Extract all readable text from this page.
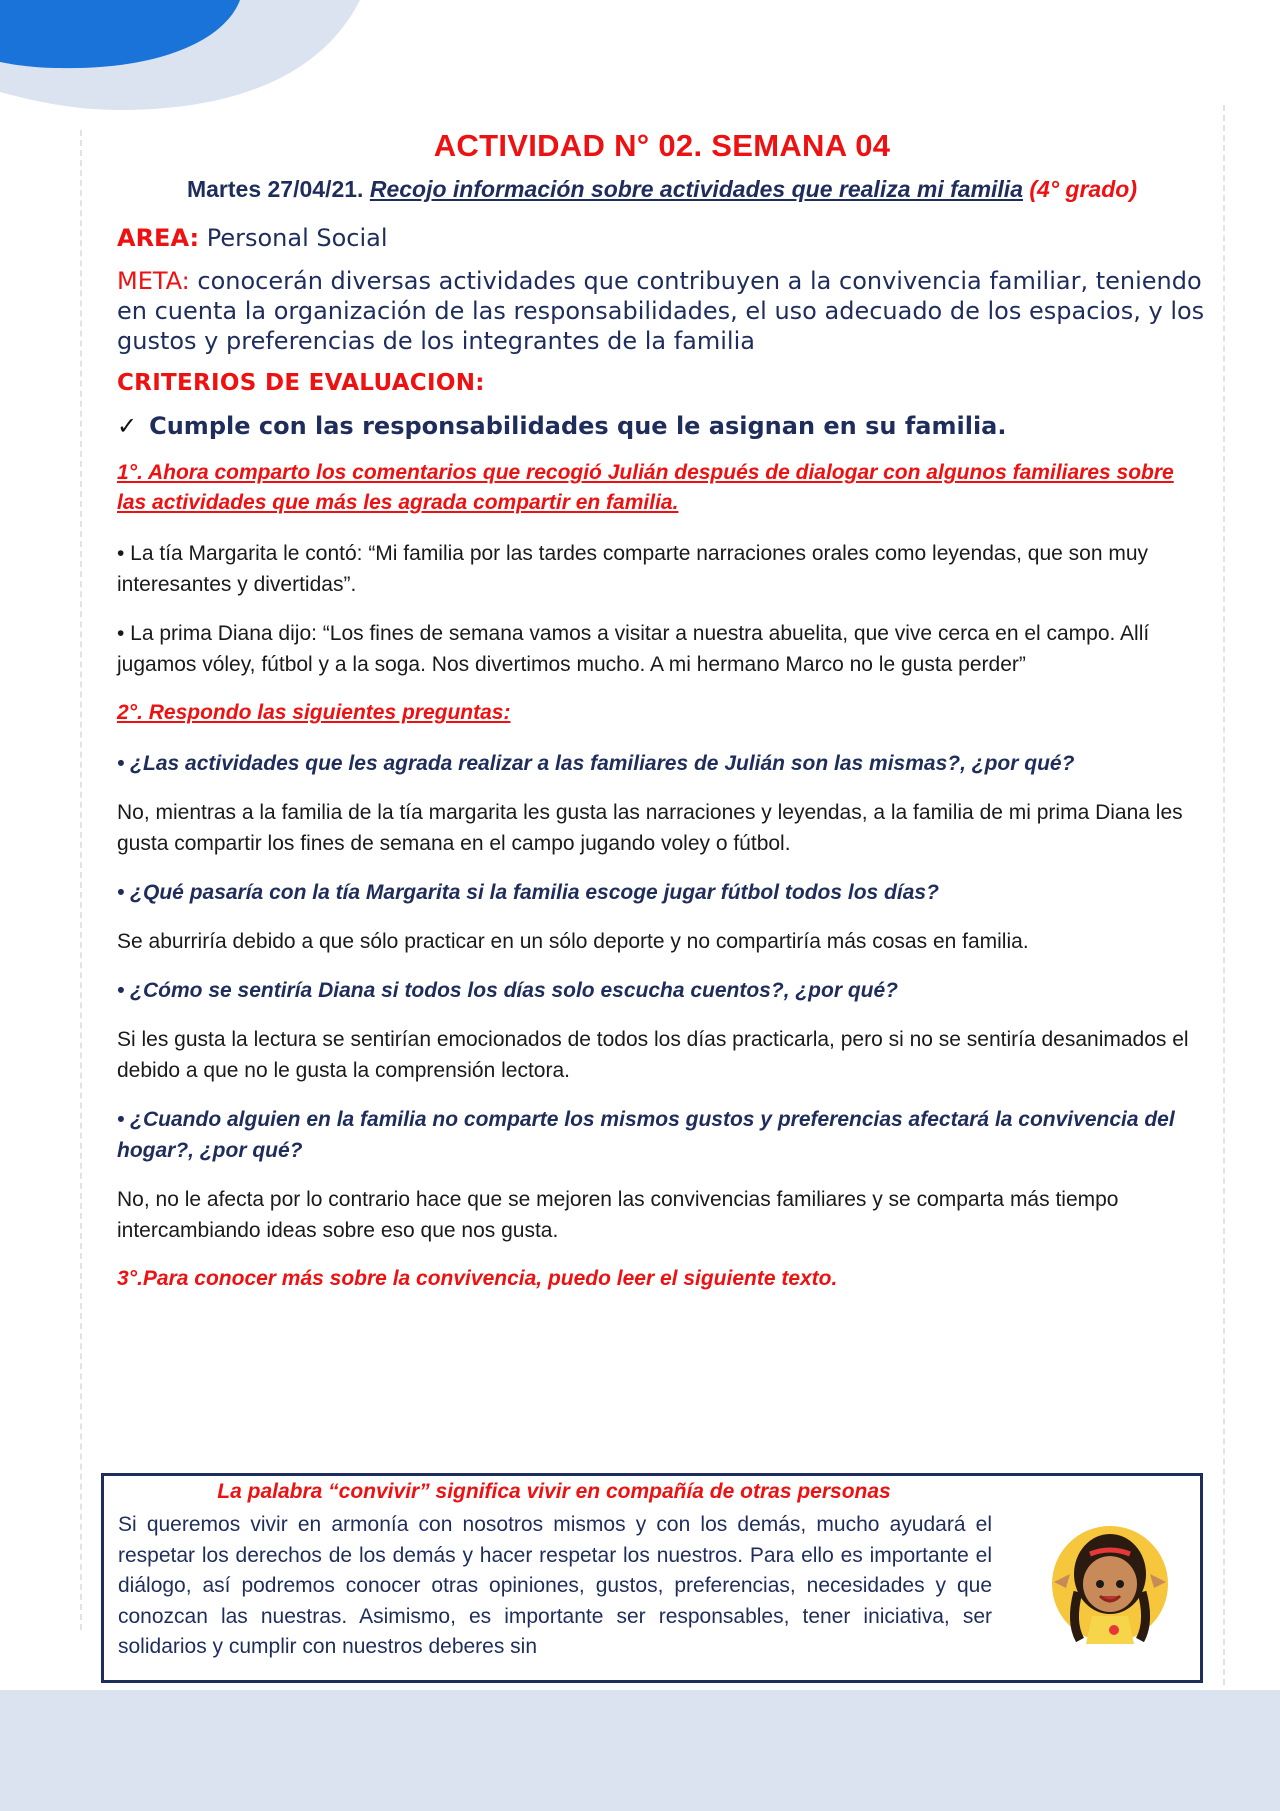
ACTIVIDAD N° 02. SEMANA 04
Martes 27/04/21. Recojo información sobre actividades que realiza mi familia (4° grado)
AREA: Personal Social
META: conocerán diversas actividades que contribuyen a la convivencia familiar, teniendo en cuenta la organización de las responsabilidades, el uso adecuado de los espacios, y los gustos y preferencias de los integrantes de la familia
CRITERIOS DE EVALUACION:
✓ Cumple con las responsabilidades que le asignan en su familia.
1°. Ahora comparto los comentarios que recogió Julián después de dialogar con algunos familiares sobre las actividades que más les agrada compartir en familia.
• La tía Margarita le contó: “Mi familia por las tardes comparte narraciones orales como leyendas, que son muy interesantes y divertidas”.
• La prima Diana dijo: “Los fines de semana vamos a visitar a nuestra abuelita, que vive cerca en el campo. Allí jugamos vóley, fútbol y a la soga. Nos divertimos mucho. A mi hermano Marco no le gusta perder”
2°. Respondo las siguientes preguntas:
• ¿Las actividades que les agrada realizar a las familiares de Julián son las mismas?, ¿por qué?
No, mientras a la familia de la tía margarita les gusta las narraciones y leyendas, a la familia de mi prima Diana les gusta compartir los fines de semana en el campo jugando voley o fútbol.
• ¿Qué pasaría con la tía Margarita si la familia escoge jugar fútbol todos los días?
Se aburriría debido a que sólo practicar en un sólo deporte y no compartiría más cosas en familia.
• ¿Cómo se sentiría Diana si todos los días solo escucha cuentos?, ¿por qué?
Si les gusta la lectura se sentirían emocionados de todos los días practicarla, pero si no se sentiría desanimados el debido a que no le gusta la comprensión lectora.
• ¿Cuando alguien en la familia no comparte los mismos gustos y preferencias afectará la convivencia del hogar?, ¿por qué?
No, no le afecta por lo contrario hace que se mejoren las convivencias familiares y se comparta más tiempo intercambiando ideas sobre eso que nos gusta.
3°.Para conocer más sobre la convivencia, puedo leer el siguiente texto.
La palabra “convivir” significa vivir en compañía de otras personas
Si queremos vivir en armonía con nosotros mismos y con los demás, mucho ayudará el respetar los derechos de los demás y hacer respetar los nuestros. Para ello es importante el diálogo, así podremos conocer otras opiniones, gustos, preferencias, necesidades y que conozcan las nuestras. Asimismo, es importante ser responsables, tener iniciativa, ser solidarios y cumplir con nuestros deberes sin
